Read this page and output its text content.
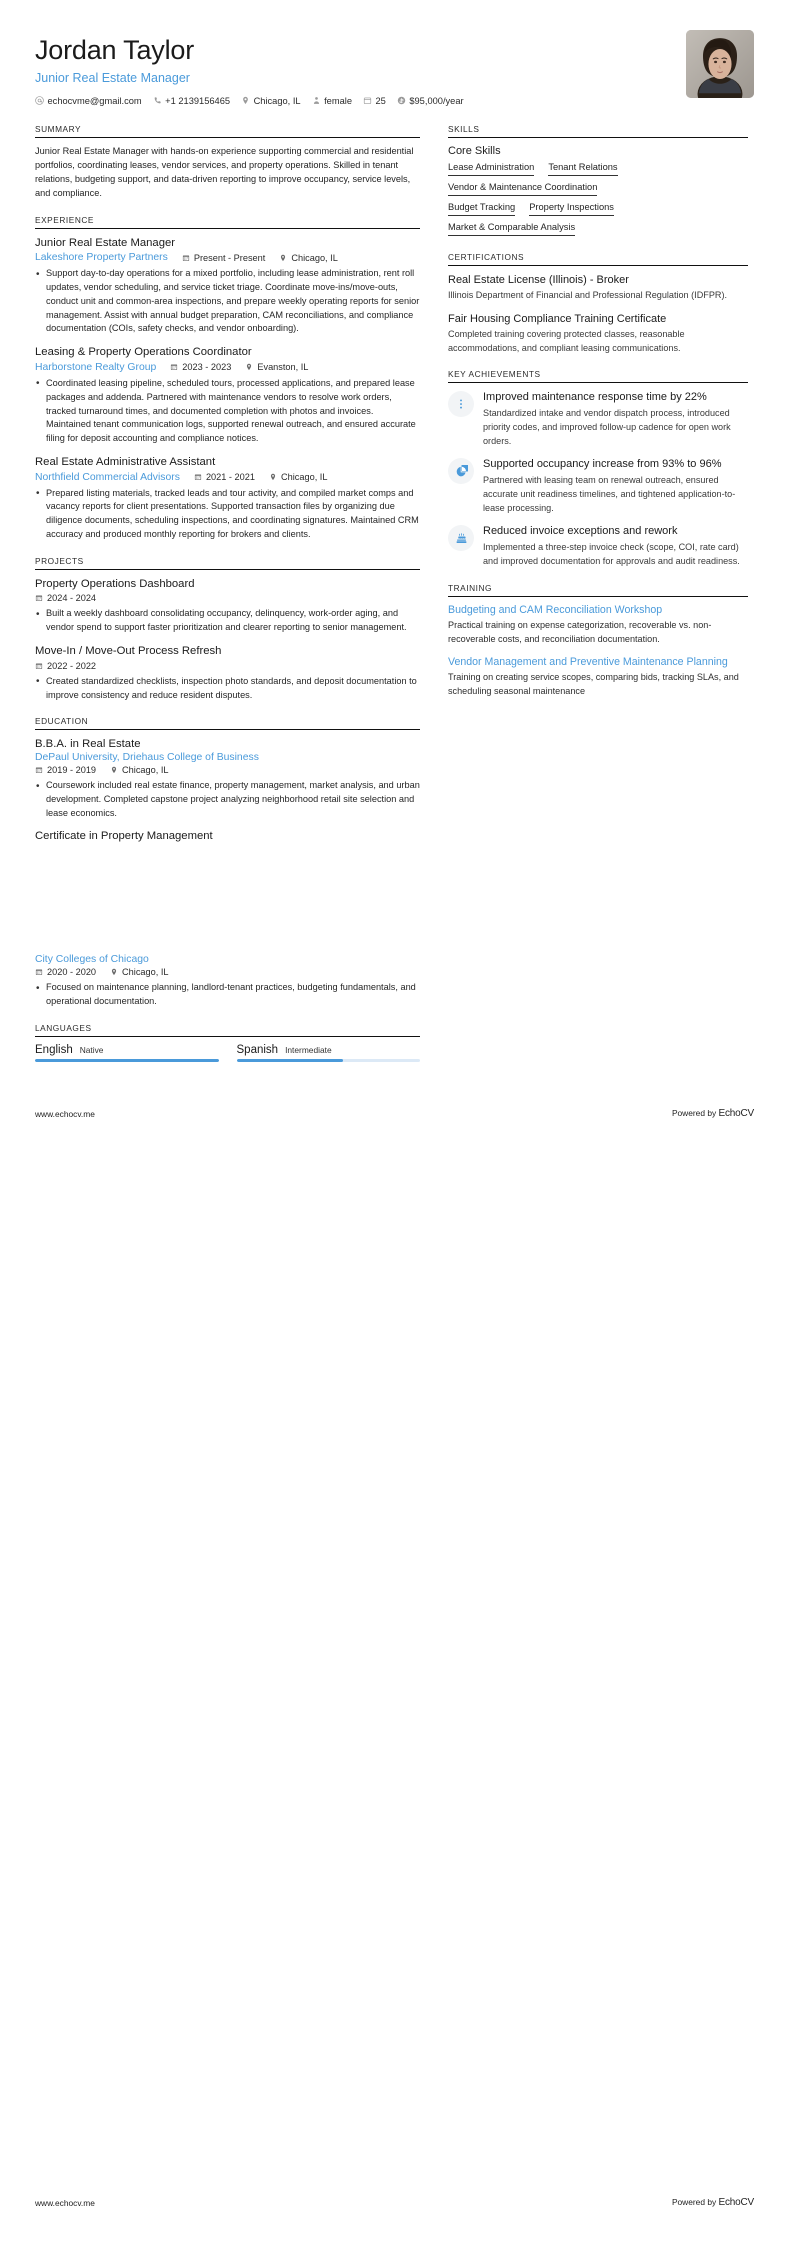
Jordan Taylor
Junior Real Estate Manager
echocvme@gmail.com	+1 2139156465	Chicago, IL	female	25	$95,000/year
SUMMARY
Junior Real Estate Manager with hands-on experience supporting commercial and residential portfolios, coordinating leases, vendor services, and property operations. Skilled in tenant relations, budgeting support, and data-driven reporting to improve occupancy, service levels, and compliance.
EXPERIENCE
Junior Real Estate Manager
Lakeshore Property Partners	Present - Present	Chicago, IL
• Support day-to-day operations for a mixed portfolio, including lease administration, rent roll updates, vendor scheduling, and service ticket triage. Coordinate move-ins/move-outs, conduct unit and common-area inspections, and prepare weekly operating reports for senior management. Assist with annual budget preparation, CAM reconciliations, and compliance documentation (COIs, safety checks, and vendor onboarding).
Leasing & Property Operations Coordinator
Harborstone Realty Group	2023 - 2023	Evanston, IL
• Coordinated leasing pipeline, scheduled tours, processed applications, and prepared lease packages and addenda. Partnered with maintenance vendors to resolve work orders, tracked turnaround times, and documented completion with photos and invoices. Maintained tenant communication logs, supported renewal outreach, and ensured accurate filing for deposit accounting and compliance notices.
Real Estate Administrative Assistant
Northfield Commercial Advisors	2021 - 2021	Chicago, IL
• Prepared listing materials, tracked leads and tour activity, and compiled market comps and vacancy reports for client presentations. Supported transaction files by organizing due diligence documents, scheduling inspections, and coordinating signatures. Maintained CRM accuracy and produced monthly reporting for brokers and clients.
PROJECTS
Property Operations Dashboard
2024 - 2024
• Built a weekly dashboard consolidating occupancy, delinquency, work-order aging, and vendor spend to support faster prioritization and clearer reporting to senior management.
Move-In / Move-Out Process Refresh
2022 - 2022
• Created standardized checklists, inspection photo standards, and deposit documentation to improve consistency and reduce resident disputes.
EDUCATION
B.B.A. in Real Estate
DePaul University, Driehaus College of Business
2019 - 2019	Chicago, IL
• Coursework included real estate finance, property management, market analysis, and urban development. Completed capstone project analyzing neighborhood retail site selection and lease economics.
Certificate in Property Management
City Colleges of Chicago
2020 - 2020	Chicago, IL
• Focused on maintenance planning, landlord-tenant practices, budgeting fundamentals, and operational documentation.
LANGUAGES
English Native	Spanish Intermediate
SKILLS
Core Skills
Lease Administration Tenant Relations
Vendor & Maintenance Coordination
Budget Tracking Property Inspections
Market & Comparable Analysis
CERTIFICATIONS
Real Estate License (Illinois) - Broker
Illinois Department of Financial and Professional Regulation (IDFPR).
Fair Housing Compliance Training Certificate
Completed training covering protected classes, reasonable accommodations, and compliant leasing communications.
KEY ACHIEVEMENTS
Improved maintenance response time by 22%
Standardized intake and vendor dispatch process, introduced priority codes, and improved follow-up cadence for open work orders.
Supported occupancy increase from 93% to 96%
Partnered with leasing team on renewal outreach, ensured accurate unit readiness timelines, and tightened application-to-lease processing.
Reduced invoice exceptions and rework
Implemented a three-step invoice check (scope, COI, rate card) and improved documentation for approvals and audit readiness.
TRAINING
Budgeting and CAM Reconciliation Workshop
Practical training on expense categorization, recoverable vs. non-recoverable costs, and reconciliation documentation.
Vendor Management and Preventive Maintenance Planning
Training on creating service scopes, comparing bids, tracking SLAs, and scheduling seasonal maintenance
www.echocv.me	Powered by EchoCV
www.echocv.me	Powered by EchoCV
